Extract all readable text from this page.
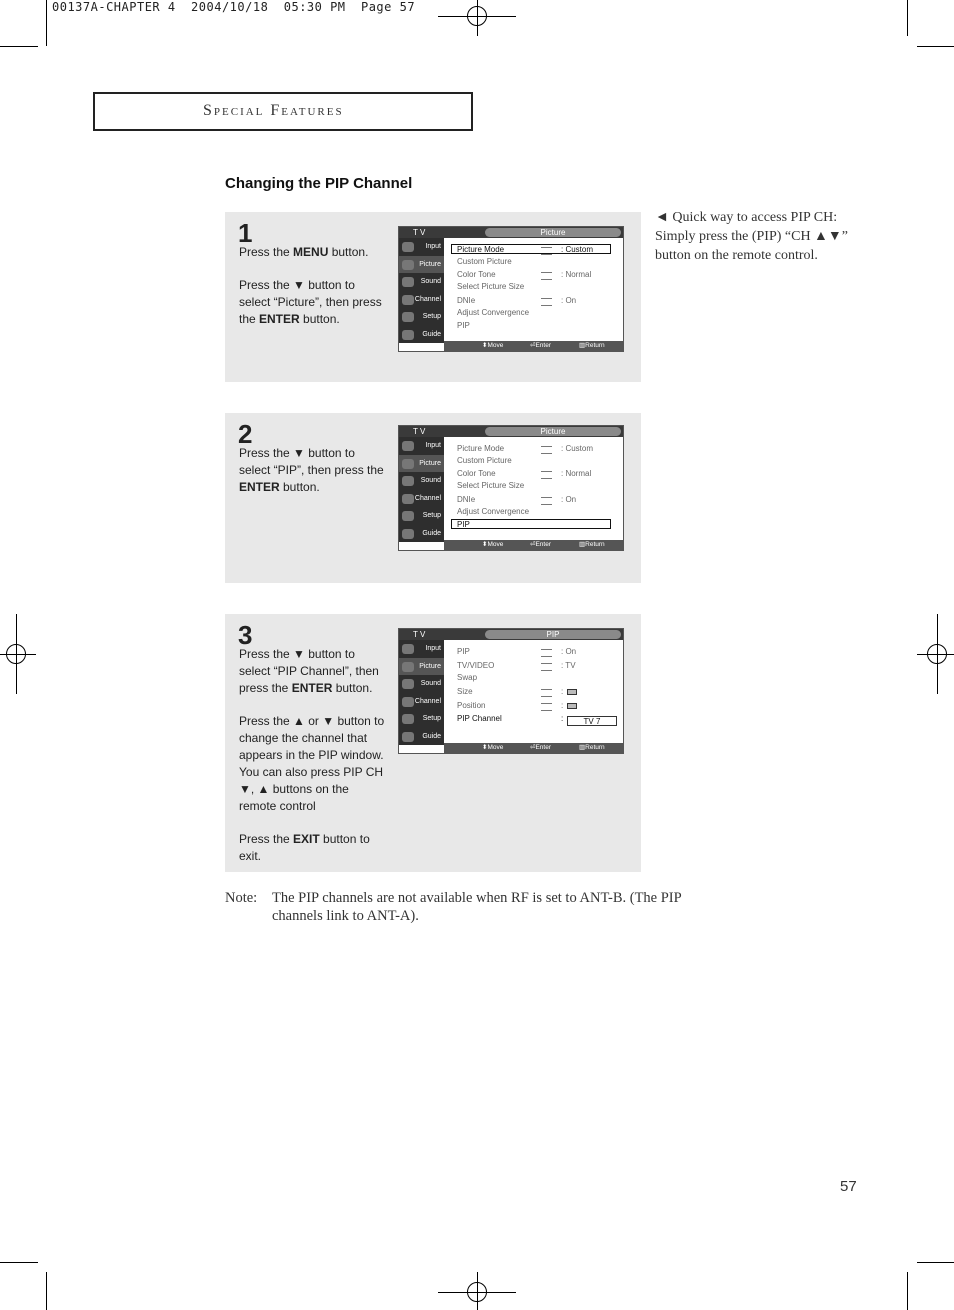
00137A-CHAPTER 4  2004/10/18  05:30 PM  Page 57
Special Features
Changing the PIP Channel
1

Press the MENU button.

Press the ▼ button to select “Picture”, then press the ENTER button.

T V	Picture
Input
Picture
Sound
Channel
Setup
Guide
Picture Mode	: Custom
Custom Picture
Color Tone	: Normal
Select Picture Size
DNIe	: On
Adjust Convergence
PIP
⬍ Move	⏎ Enter	▥ Return
2

Press the ▼ button to select “PIP”, then press the ENTER button.

T V	Picture
Input
Picture
Sound
Channel
Setup
Guide
Picture Mode	: Custom
Custom Picture
Color Tone	: Normal
Select Picture Size
DNIe	: On
Adjust Convergence
PIP
⬍ Move	⏎ Enter	▥ Return
3

Press the ▼ button to select “PIP Channel”, then press the ENTER button.

Press the ▲ or ▼ button to change the channel that appears in the PIP window. You can also press PIP CH ▼, ▲ buttons on the remote control

Press the EXIT button to exit.

T V	PIP
Input
Picture
Sound
Channel
Setup
Guide
PIP	: On
TV/VIDEO	: TV
Swap
Size	:
Position	:
PIP Channel	:	TV 7
⬍ Move	⏎ Enter	▥ Return
◄ Quick way to access PIP CH: Simply press the (PIP) “CH ▲▼” button on the remote control.
Note: The PIP channels are not available when RF is set to ANT-B. (The PIP channels link to ANT-A).
57
